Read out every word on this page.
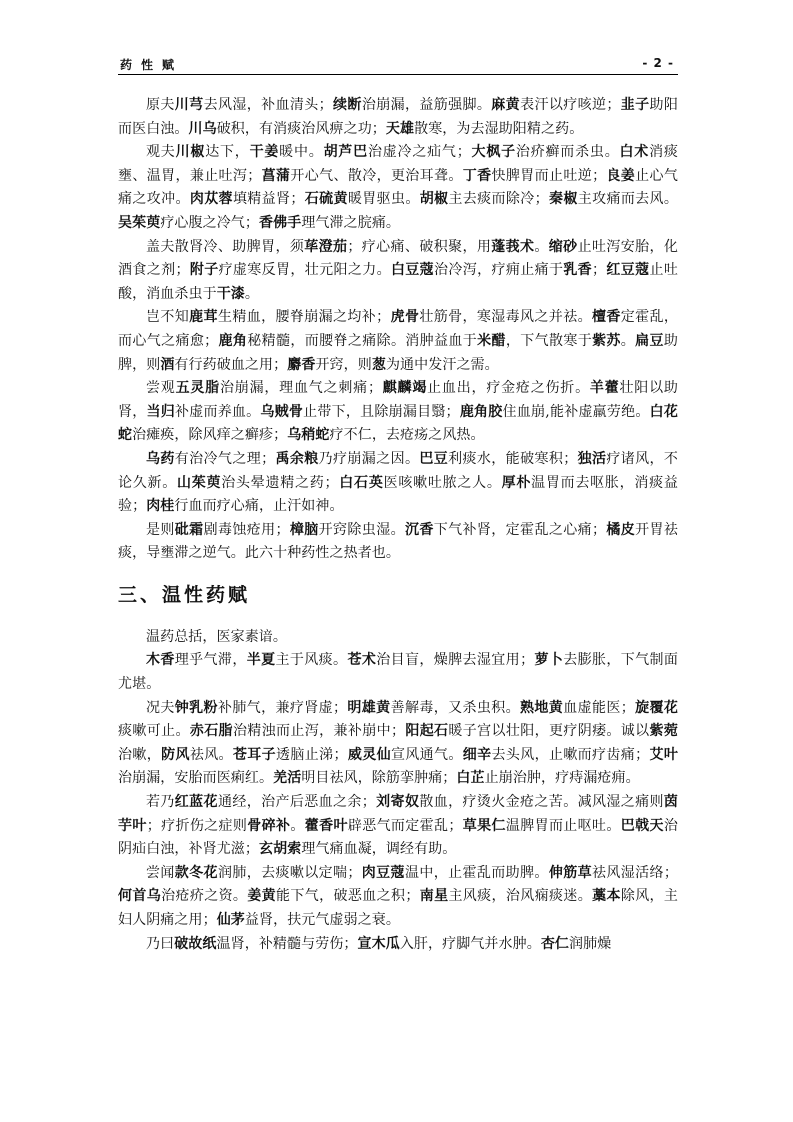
药性赋	- 2 -

原夫川芎去风湿，补血清头；续断治崩漏，益筋强脚。麻黄表汗以疗咳逆；韭子助阳而医白浊。川乌破积，有消痰治风痹之功；天雄散寒，为去湿助阳精之药。

观夫川椒达下，干姜暖中。胡芦巴治虚冷之疝气；大枫子治疥癣而杀虫。白术消痰壅、温胃，兼止吐泻；菖蒲开心气、散冷，更治耳聋。丁香快脾胃而止吐逆；良姜止心气痛之攻冲。肉苁蓉填精益肾；石硫黄暖胃驱虫。胡椒主去痰而除冷；秦椒主攻痛而去风。吴茱萸疗心腹之冷气；香佛手理气滞之脘痛。

盖夫散肾冷、助脾胃，须荜澄茄；疗心痛、破积聚，用蓬莪术。缩砂止吐泻安胎，化酒食之剂；附子疗虚寒反胃，壮元阳之力。白豆蔻治冷泻，疗痈止痛于乳香；红豆蔻止吐酸，消血杀虫于干漆。

岂不知鹿茸生精血，腰脊崩漏之均补；虎骨壮筋骨，寒湿毒风之并祛。檀香定霍乱，而心气之痛愈；鹿角秘精髓，而腰脊之痛除。消肿益血于米醋，下气散寒于紫苏。扁豆助脾，则酒有行药破血之用；麝香开窍，则葱为通中发汗之需。

尝观五灵脂治崩漏，理血气之刺痛；麒麟竭止血出，疗金疮之伤折。羊藿壮阳以助肾，当归补虚而养血。乌贼骨止带下，且除崩漏目翳；鹿角胶住血崩,能补虚羸劳绝。白花蛇治瘫痪，除风痒之癣疹；乌稍蛇疗不仁，去疮疡之风热。

乌药有治冷气之理；禹余粮乃疗崩漏之因。巴豆利痰水，能破寒积；独活疗诸风，不论久新。山茱萸治头晕遗精之药；白石英医咳嗽吐脓之人。厚朴温胃而去呕胀，消痰益验；肉桂行血而疗心痛，止汗如神。

是则砒霜剧毒蚀疮用；樟脑开窍除虫湿。沉香下气补肾，定霍乱之心痛；橘皮开胃祛痰，导壅滞之逆气。此六十种药性之热者也。

三、温性药赋

温药总括，医家素谙。

木香理乎气滞，半夏主于风痰。苍术治目盲，燥脾去湿宜用；萝卜去膨胀，下气制面尤堪。

况夫钟乳粉补肺气，兼疗肾虚；明雄黄善解毒，又杀虫积。熟地黄血虚能医；旋覆花痰嗽可止。赤石脂治精浊而止泻，兼补崩中；阳起石暖子宫以壮阳，更疗阴痿。诚以紫菀治嗽，防风祛风。苍耳子透脑止涕；威灵仙宣风通气。细辛去头风，止嗽而疗齿痛；艾叶治崩漏，安胎而医痢红。羌活明目祛风，除筋挛肿痛；白芷止崩治肿，疗痔漏疮痈。

若乃红蓝花通经，治产后恶血之余；刘寄奴散血，疗烫火金疮之苦。减风湿之痛则茵芋叶；疗折伤之症则骨碎补。藿香叶辟恶气而定霍乱；草果仁温脾胃而止呕吐。巴戟天治阴疝白浊，补肾尤滋；玄胡索理气痛血凝，调经有助。

尝闻款冬花润肺，去痰嗽以定喘；肉豆蔻温中，止霍乱而助脾。伸筋草祛风湿活络；何首乌治疮疥之资。姜黄能下气，破恶血之积；南星主风痰，治风痫痰迷。藁本除风，主妇人阴痛之用；仙茅益肾，扶元气虚弱之衰。

乃曰破故纸温肾，补精髓与劳伤；宣木瓜入肝，疗脚气并水肿。杏仁润肺燥
